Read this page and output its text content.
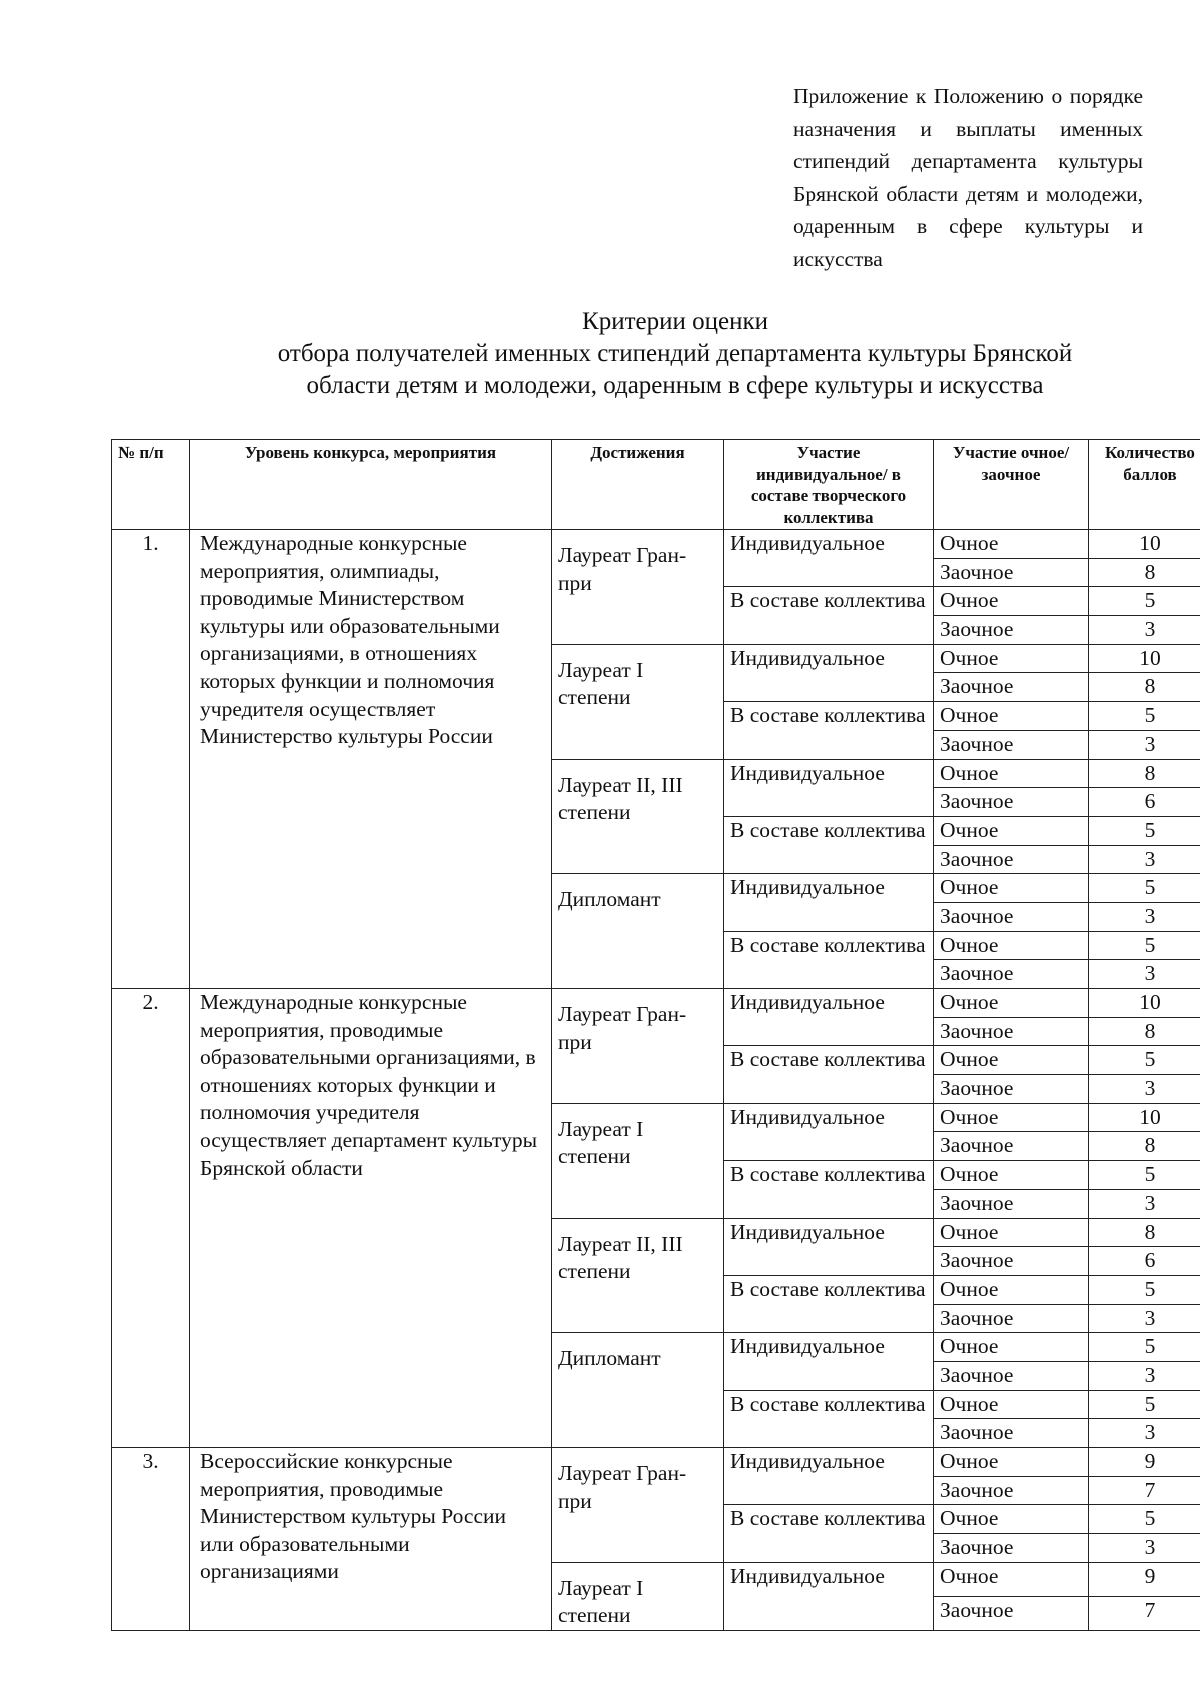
Приложение к Положению о порядке назначения и выплаты именных стипендий департамента культуры Брянской области детям и молодежи, одаренным в сфере культуры и искусства
Критерии оценки
отбора получателей именных стипендий департамента культуры Брянской
области детям и молодежи, одаренным в сфере культуры и искусства
№ п/п	Уровень конкурса, мероприятия	Достижения	Участие индивидуальное/ в составе творческого коллектива	Участие очное/заочное	Количество баллов
1.	Международные конкурсные мероприятия, олимпиады, проводимые Министерством культуры или образовательными организациями, в отношениях которых функции и полномочия учредителя осуществляет Министерство культуры России	Лауреат Гран-при	Индивидуальное	Очное	10
				Заочное	8
			В составе коллектива	Очное	5
				Заочное	3
		Лауреат I степени	Индивидуальное	Очное	10
				Заочное	8
			В составе коллектива	Очное	5
				Заочное	3
		Лауреат II, III степени	Индивидуальное	Очное	8
				Заочное	6
			В составе коллектива	Очное	5
				Заочное	3
		Дипломант	Индивидуальное	Очное	5
				Заочное	3
			В составе коллектива	Очное	5
				Заочное	3
2.	Международные конкурсные мероприятия, проводимые образовательными организациями, в отношениях которых функции и полномочия учредителя осуществляет департамент культуры Брянской области	Лауреат Гран-при	Индивидуальное	Очное	10
				Заочное	8
			В составе коллектива	Очное	5
				Заочное	3
		Лауреат I степени	Индивидуальное	Очное	10
				Заочное	8
			В составе коллектива	Очное	5
				Заочное	3
		Лауреат II, III степени	Индивидуальное	Очное	8
				Заочное	6
			В составе коллектива	Очное	5
				Заочное	3
		Дипломант	Индивидуальное	Очное	5
				Заочное	3
			В составе коллектива	Очное	5
				Заочное	3
3.	Всероссийские конкурсные мероприятия, проводимые Министерством культуры России или образовательными организациями	Лауреат Гран-при	Индивидуальное	Очное	9
				Заочное	7
			В составе коллектива	Очное	5
				Заочное	3
		Лауреат I степени	Индивидуальное	Очное	9
				Заочное	7
